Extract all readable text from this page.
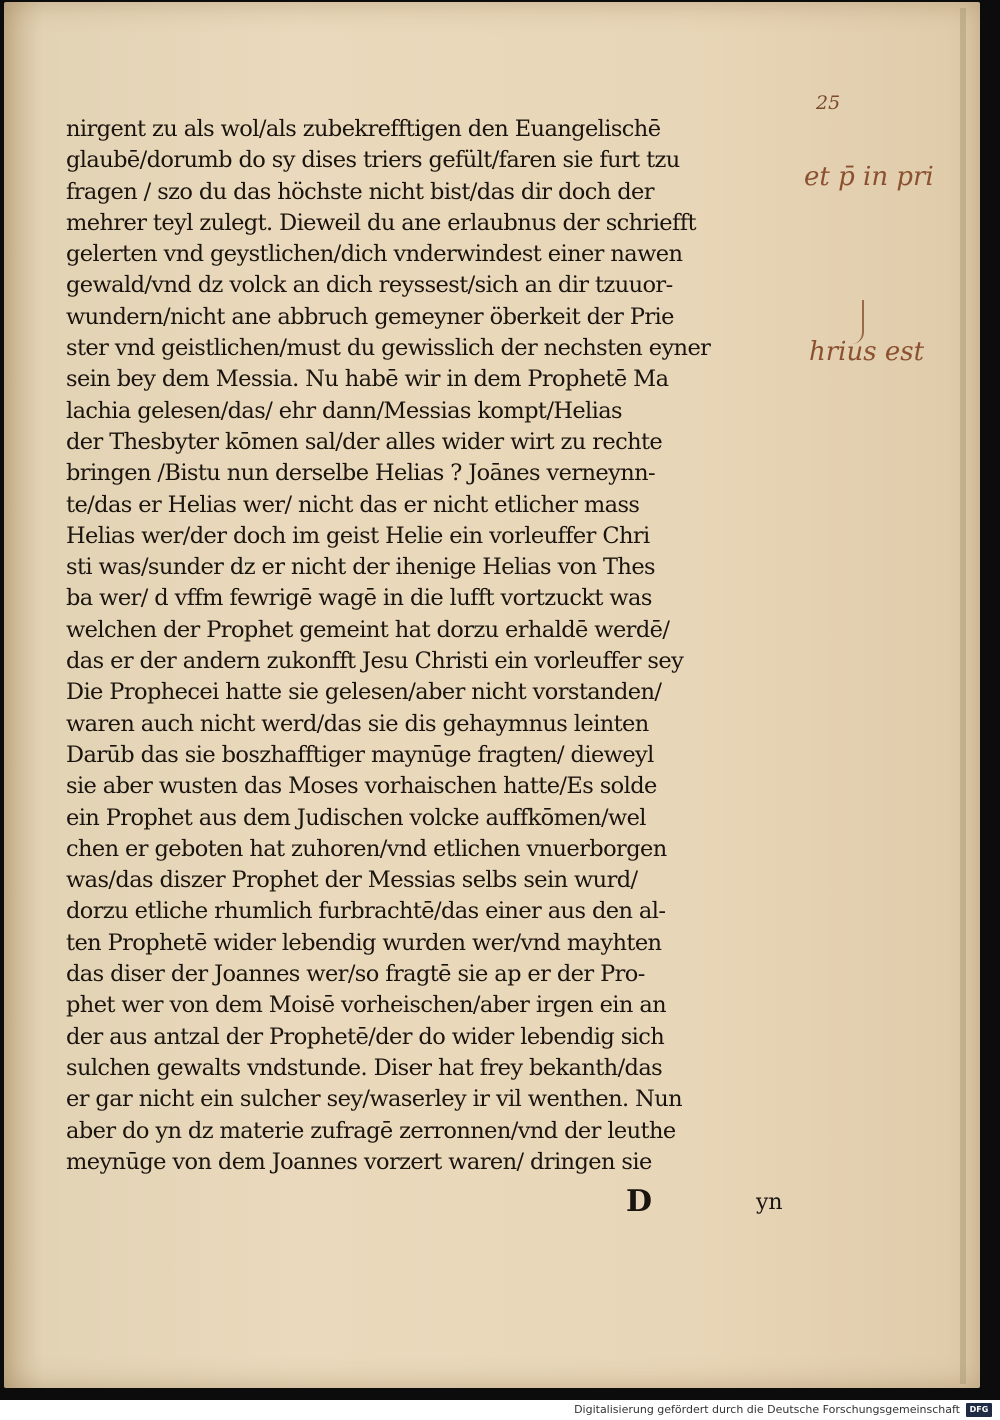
25
nirgent zu als wol/als zubekrefftigen den Euangelischē
glaubē/dorumb do sy dises triers gefült/faren sie furt tzu
fragen / szo du das höchste nicht bist/das dir doch der
mehrer teyl zulegt. Dieweil du ane erlaubnus der schriefft
gelerten vnd geystlichen/dich vnderwindest einer nawen
gewald/vnd dz volck an dich reyssest/sich an dir tzuuor-
wundern/nicht ane abbruch gemeyner öberkeit der Prie
ster vnd geistlichen/must du gewisslich der nechsten eyner
sein bey dem Messia. Nu habē wir in dem Prophetē Ma
lachia gelesen/das/ ehr dann/Messias kompt/Helias
der Thesbyter kōmen sal/der alles wider wirt zu rechte
bringen /Bistu nun derselbe Helias ? Joānes verneynn-
te/das er Helias wer/ nicht das er nicht etlicher mass
Helias wer/der doch im geist Helie ein vorleuffer Chri
sti was/sunder dz er nicht der ihenige Helias von Thes
ba wer/ d vffm fewrigē wagē in die lufft vortzuckt was
welchen der Prophet gemeint hat dorzu erhaldē werdē/
das er der andern zukonfft Jesu Christi ein vorleuffer sey
Die Prophecei hatte sie gelesen/aber nicht vorstanden/
waren auch nicht werd/das sie dis gehaymnus leinten
Darūb das sie boszhafftiger maynūge fragten/ dieweyl
sie aber wusten das Moses vorhaischen hatte/Es solde
ein Prophet aus dem Judischen volcke auffkōmen/wel
chen er geboten hat zuhoren/vnd etlichen vnuerborgen
was/das diszer Prophet der Messias selbs sein wurd/
dorzu etliche rhumlich furbrachtē/das einer aus den al-
ten Prophetē wider lebendig wurden wer/vnd mayhten
das diser der Joannes wer/so fragtē sie ap er der Pro-
phet wer von dem Moisē vorheischen/aber irgen ein an
der aus antzal der Prophetē/der do wider lebendig sich
sulchen gewalts vndstunde. Diser hat frey bekanth/das
er gar nicht ein sulcher sey/waserley ir vil wenthen. Nun
aber do yn dz materie zufragē zerronnen/vnd der leuthe
meynūge von dem Joannes vorzert waren/ dringen sie
D	yn
et p̄ in pri
hrius est
Digitalisierung gefördert durch die Deutsche Forschungsgemeinschaft	DFG
